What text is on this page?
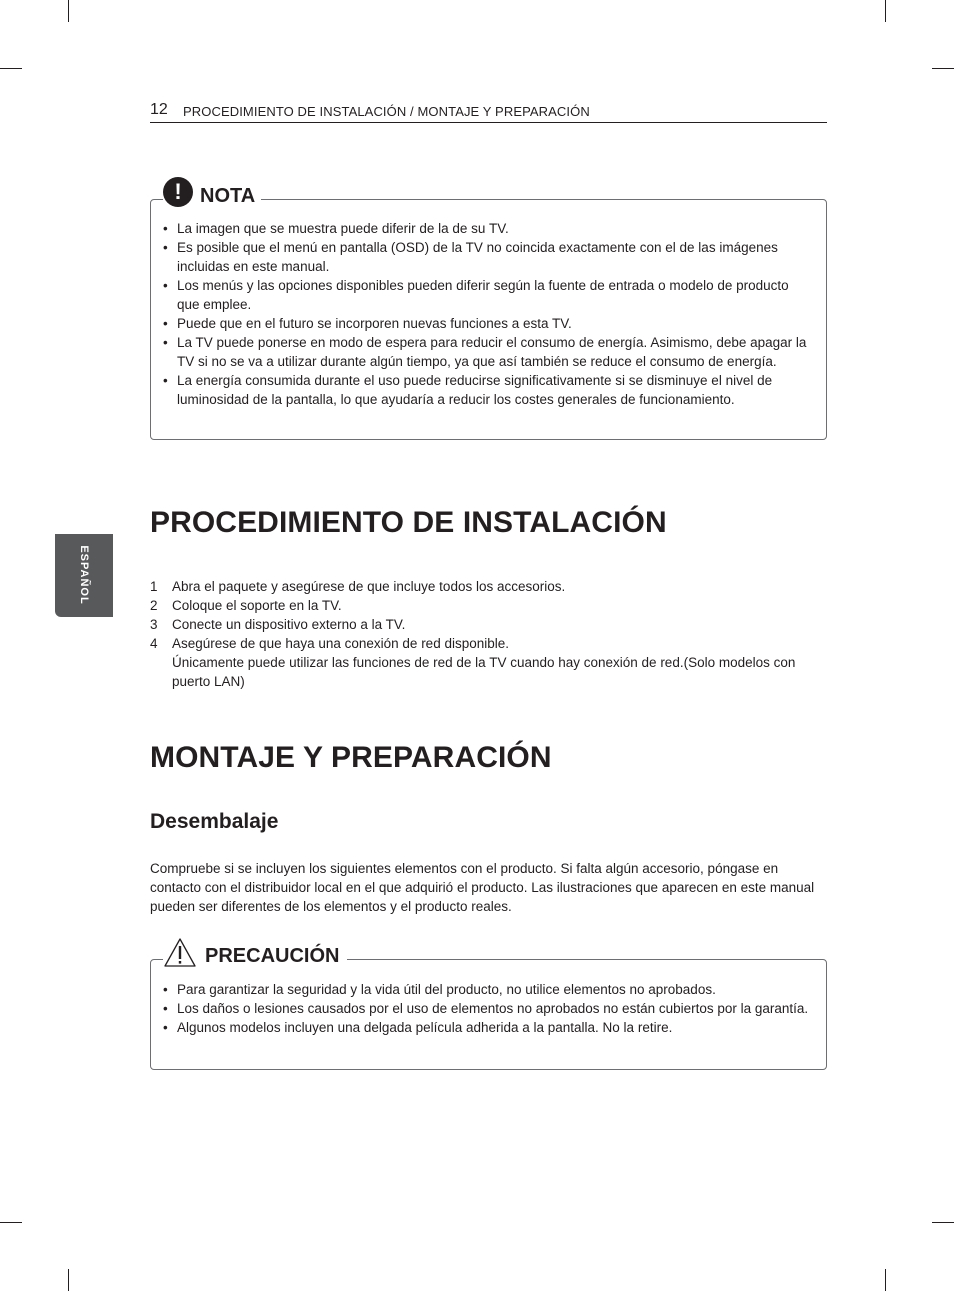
12 PROCEDIMIENTO DE INSTALACIÓN / MONTAJE Y PREPARACIÓN
ESPAÑOL
! NOTA
• La imagen que se muestra puede diferir de la de su TV.
• Es posible que el menú en pantalla (OSD) de la TV no coincida exactamente con el de las imágenes incluidas en este manual.
• Los menús y las opciones disponibles pueden diferir según la fuente de entrada o modelo de producto que emplee.
• Puede que en el futuro se incorporen nuevas funciones a esta TV.
• La TV puede ponerse en modo de espera para reducir el consumo de energía. Asimismo, debe apagar la TV si no se va a utilizar durante algún tiempo, ya que así también se reduce el consumo de energía.
• La energía consumida durante el uso puede reducirse significativamente si se disminuye el nivel de luminosidad de la pantalla, lo que ayudaría a reducir los costes generales de funcionamiento.
PROCEDIMIENTO DE INSTALACIÓN
1 Abra el paquete y asegúrese de que incluye todos los accesorios.
2 Coloque el soporte en la TV.
3 Conecte un dispositivo externo a la TV.
4 Asegúrese de que haya una conexión de red disponible.
Únicamente puede utilizar las funciones de red de la TV cuando hay conexión de red.(Solo modelos con puerto LAN)
MONTAJE Y PREPARACIÓN
Desembalaje

Compruebe si se incluyen los siguientes elementos con el producto. Si falta algún accesorio, póngase en contacto con el distribuidor local en el que adquirió el producto. Las ilustraciones que aparecen en este manual pueden ser diferentes de los elementos y el producto reales.

PRECAUCIÓN
• Para garantizar la seguridad y la vida útil del producto, no utilice elementos no aprobados.
• Los daños o lesiones causados por el uso de elementos no aprobados no están cubiertos por la garantía.
• Algunos modelos incluyen una delgada película adherida a la pantalla. No la retire.
